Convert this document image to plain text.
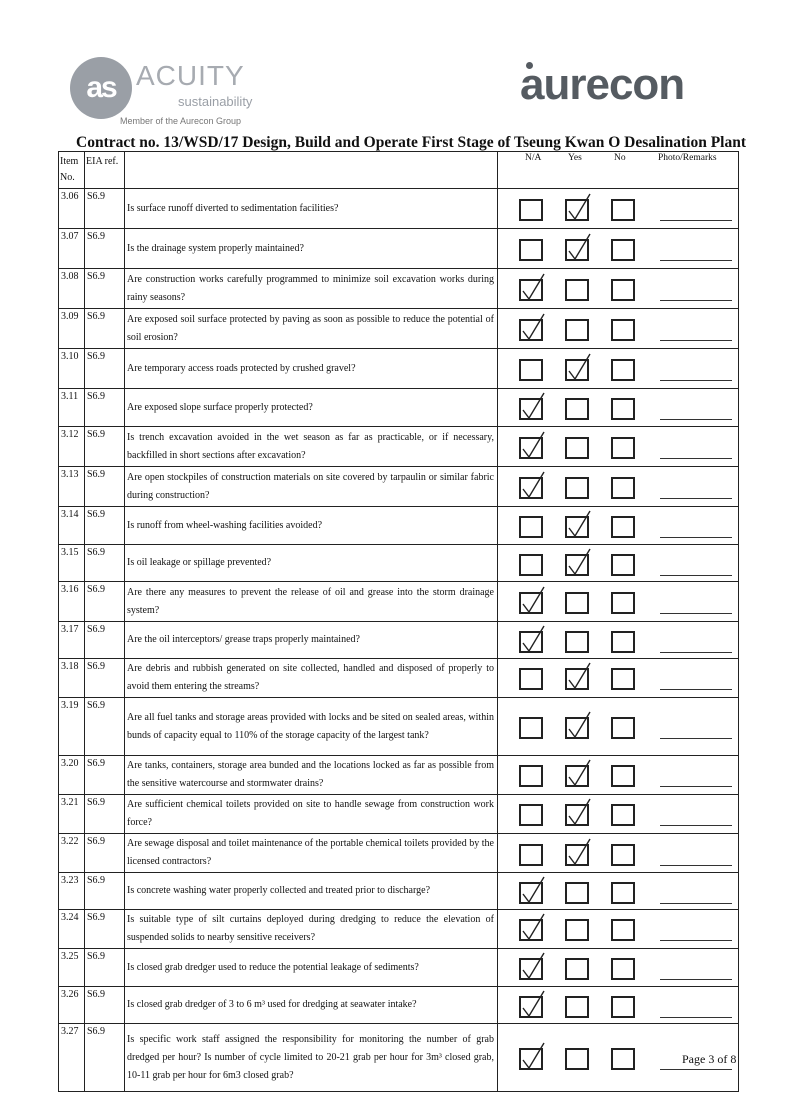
as ACUITY
sustainability
Member of the Aurecon Group
aurecon
Contract no. 13/WSD/17 Design, Build and Operate First Stage of Tseung Kwan O Desalination Plant
Item No.	EIA ref.		N/A Yes No Photo/Remarks

3.06	S6.9	Is surface runoff diverted to sedimentation facilities?	

3.07	S6.9	Is the drainage system properly maintained?	

3.08	S6.9	Are construction works carefully programmed to minimize soil excavation works during rainy seasons?	

3.09	S6.9	Are exposed soil surface protected by paving as soon as possible to reduce the potential of soil erosion?	

3.10	S6.9	Are temporary access roads protected by crushed gravel?	

3.11	S6.9	Are exposed slope surface properly protected?	

3.12	S6.9	Is trench excavation avoided in the wet season as far as practicable, or if necessary, backfilled in short sections after excavation?	

3.13	S6.9	Are open stockpiles of construction materials on site covered by tarpaulin or similar fabric during construction?	

3.14	S6.9	Is runoff from wheel-washing facilities avoided?	

3.15	S6.9	Is oil leakage or spillage prevented?	

3.16	S6.9	Are there any measures to prevent the release of oil and grease into the storm drainage system?	

3.17	S6.9	Are the oil interceptors/ grease traps properly maintained?	

3.18	S6.9	Are debris and rubbish generated on site collected, handled and disposed of properly to avoid them entering the streams?	

3.19	S6.9	Are all fuel tanks and storage areas provided with locks and be sited on sealed areas, within bunds of capacity equal to 110% of the storage capacity of the largest tank?	

3.20	S6.9	Are tanks, containers, storage area bunded and the locations locked as far as possible from the sensitive watercourse and stormwater drains?	

3.21	S6.9	Are sufficient chemical toilets provided on site to handle sewage from construction work force?	

3.22	S6.9	Are sewage disposal and toilet maintenance of the portable chemical toilets provided by the licensed contractors?	

3.23	S6.9	Is concrete washing water properly collected and treated prior to discharge?	

3.24	S6.9	Is suitable type of silt curtains deployed during dredging to reduce the elevation of suspended solids to nearby sensitive receivers?	

3.25	S6.9	Is closed grab dredger used to reduce the potential leakage of sediments?	

3.26	S6.9	Is closed grab dredger of 3 to 6 m³ used for dredging at seawater intake?	

3.27	S6.9	Is specific work staff assigned the responsibility for monitoring the number of grab dredged per hour? Is number of cycle limited to 20-21 grab per hour for 3m³ closed grab, 10-11 grab per hour for 6m3 closed grab?	
Page 3 of 8
